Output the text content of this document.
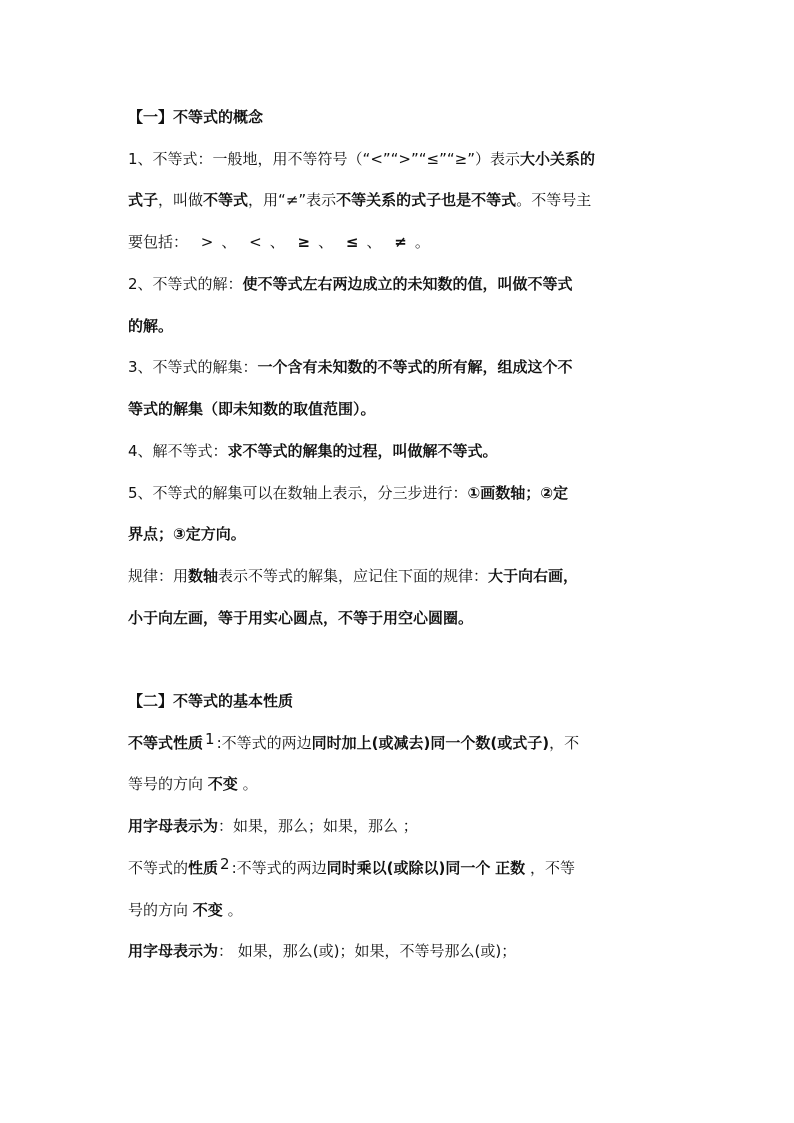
【一】不等式的概念
1、不等式：一般地，用不等符号（“<”“>”“≤”“≥”）表示大小关系的
式子，叫做不等式，用“≠”表示不等关系的式子也是不等式。不等号主
要包括： > 、 < 、 ≥ 、 ≤ 、 ≠ 。
2、不等式的解：使不等式左右两边成立的未知数的值，叫做不等式
的解。
3、不等式的解集：一个含有未知数的不等式的所有解，组成这个不
等式的解集（即未知数的取值范围）。
4、解不等式：求不等式的解集的过程，叫做解不等式。
5、不等式的解集可以在数轴上表示，分三步进行：①画数轴；②定
界点；③定方向。
规律：用数轴表示不等式的解集，应记住下面的规律：大于向右画，
小于向左画，等于用实心圆点，不等于用空心圆圈。
【二】不等式的基本性质
不等式性质 1 :不等式的两边同时加上(或减去)同一个数(或式子)，不
等号的方向 不变 。
用字母表示为：如果，那么；如果，那么 ；
不等式的性质 2 :不等式的两边同时乘以(或除以)同一个 正数 ，不等
号的方向 不变 。
用字母表示为： 如果，那么(或)；如果，不等号那么(或)；
